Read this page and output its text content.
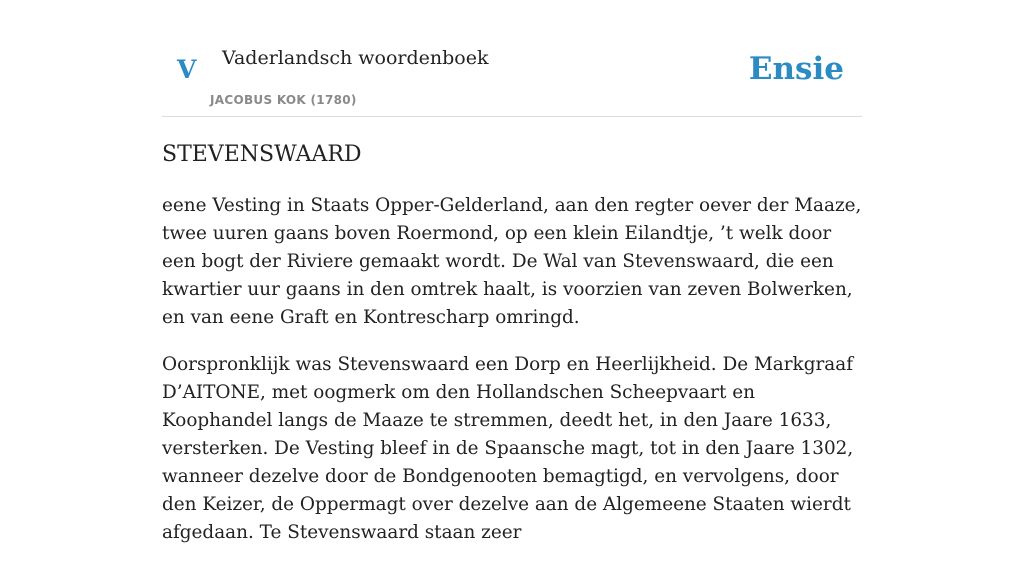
V Vaderlandsch woordenboek
JACOBUS KOK (1780)
Ensie
STEVENSWAARD

eene Vesting in Staats Opper-Gelderland, aan den regter oever der Maaze, twee uuren gaans boven Roermond, op een klein Eilandtje, ’t welk door een bogt der Riviere gemaakt wordt. De Wal van Stevenswaard, die een kwartier uur gaans in den omtrek haalt, is voorzien van zeven Bolwerken, en van eene Graft en Kontrescharp omringd.

Oorspronklijk was Stevenswaard een Dorp en Heerlijkheid. De Markgraaf D’AITONE, met oogmerk om den Hollandschen Scheepvaart en Koophandel langs de Maaze te stremmen, deedt het, in den Jaare 1633, versterken. De Vesting bleef in de Spaansche magt, tot in den Jaare 1302, wanneer dezelve door de Bondgenooten bemagtigd, en vervolgens, door den Keizer, de Oppermagt over dezelve aan de Algemeene Staaten wierdt afgedaan. Te Stevenswaard staan zeer
